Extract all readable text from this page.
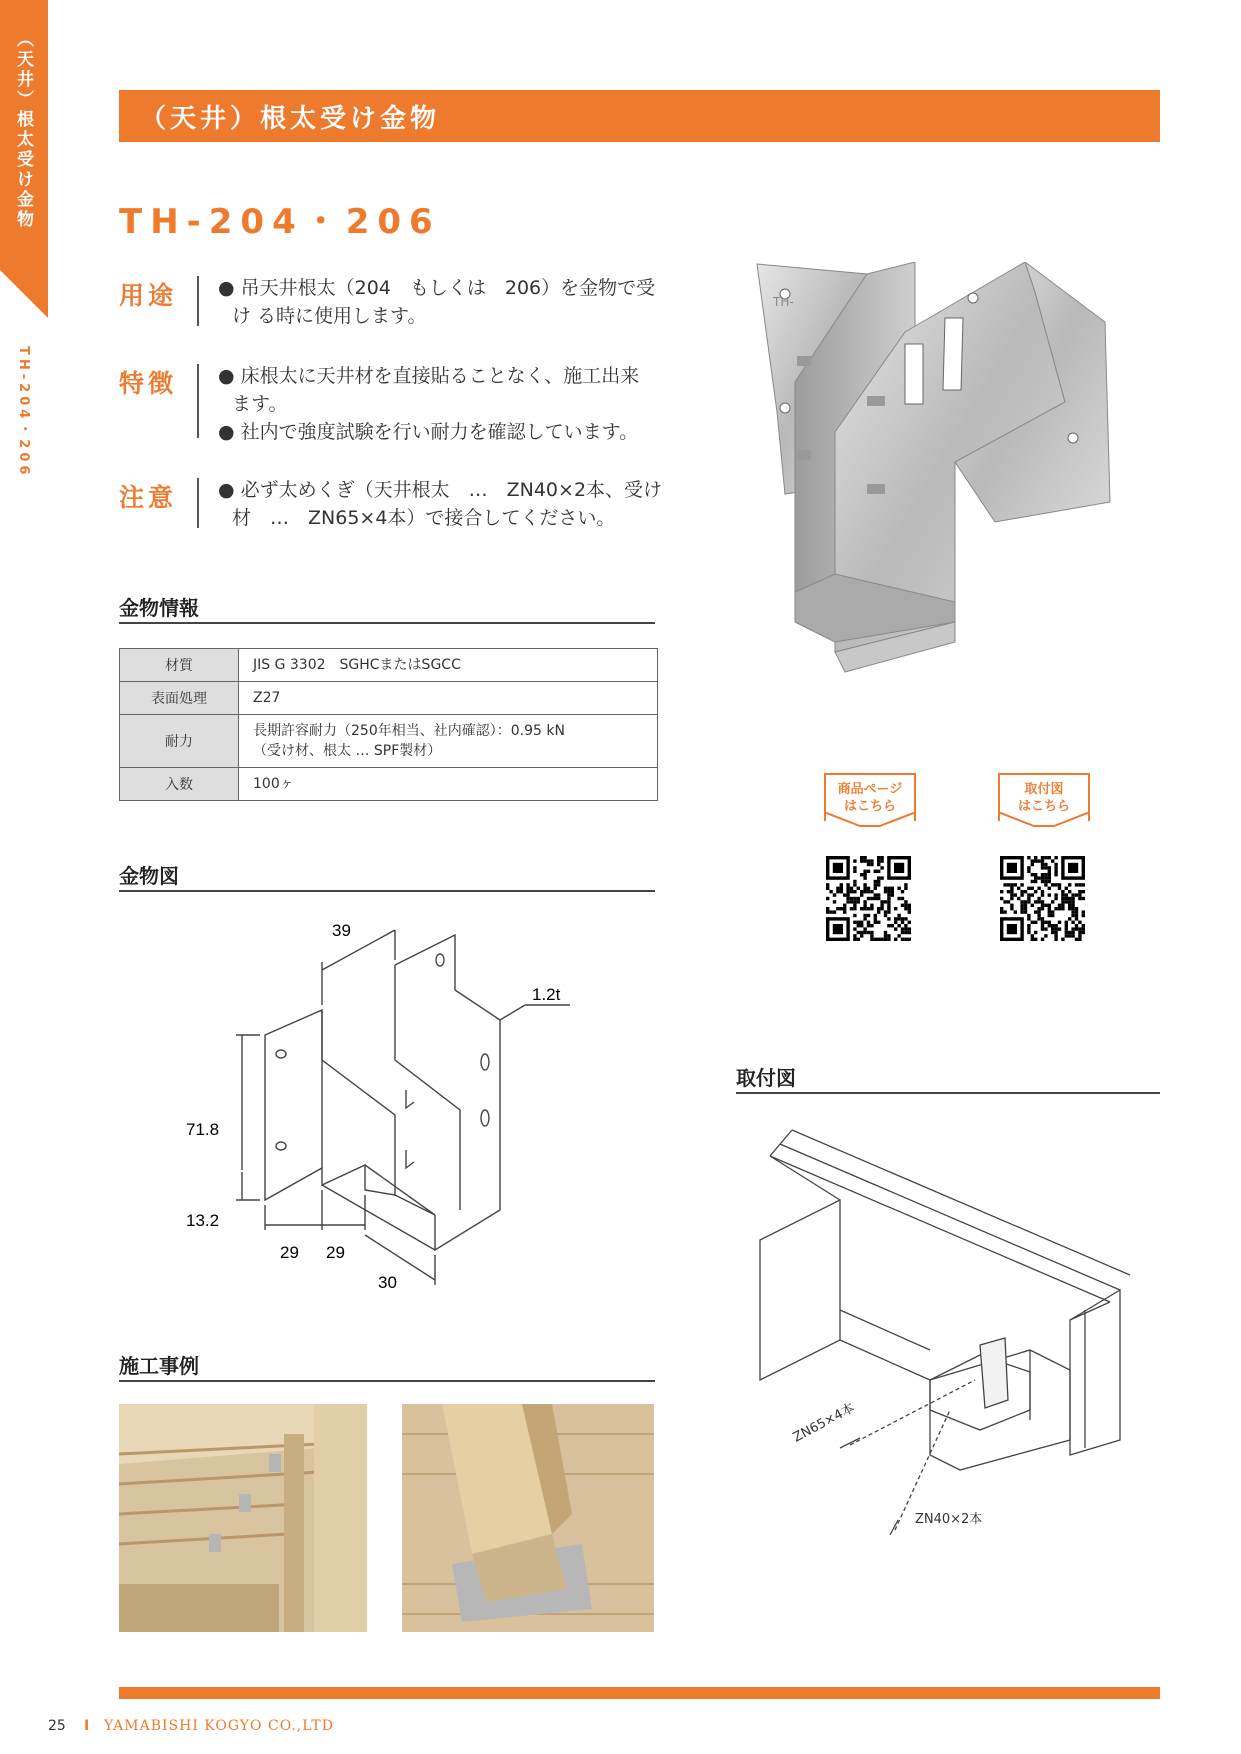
（天井）根太受け金物
TH-204・206
（天井）根太受け金物
TH-204・206
用途 ● 吊天井根太（204　もしくは　206）を金物で受
け る時に使用します。
特徴 ● 床根太に天井材を直接貼ることなく、施工出来
ます。
● 社内で強度試験を行い耐力を確認しています。
注意 ● 必ず太めくぎ（天井根太　…　ZN40×2本、受け
材　…　ZN65×4本）で接合してください。
TH-
金物情報
材質	JIS G 3302　SGHCまたはSGCC
表面処理	Z27
耐力	長期許容耐力（250年相当、社内確認）：0.95 kN
（受け材、根太 … SPF製材）

入数	100ヶ	商品ページ
はこちら
取付図
はこちら
金物図
39
1.2t
71.8
13.2
29 29
30
取付図
ZN65×4本
ZN40×2本
施工事例
25 I YAMABISHI KOGYO CO.,LTD
